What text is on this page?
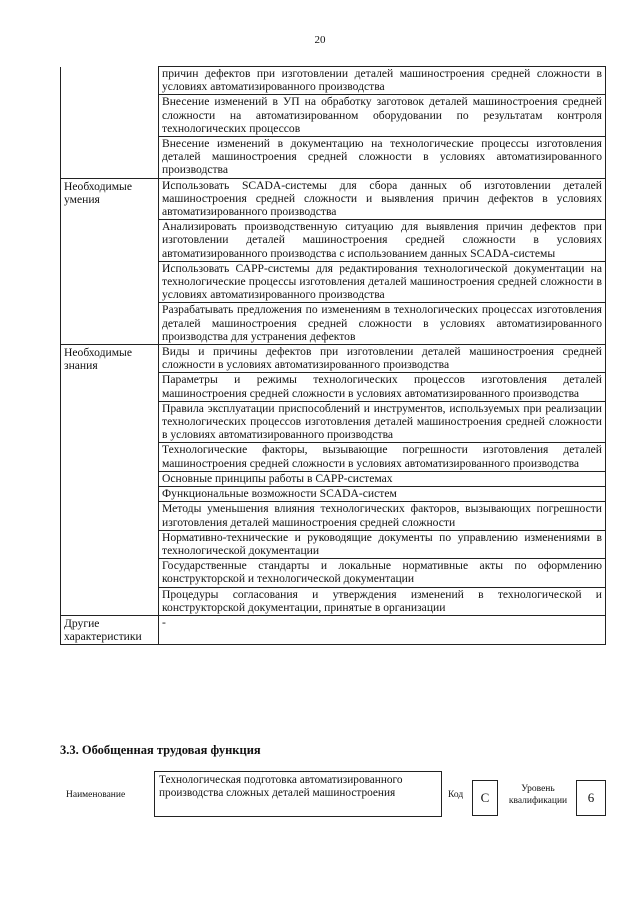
20
	причин дефектов при изготовлении деталей машиностроения средней сложности в условиях автоматизированного производства
	Внесение изменений в УП на обработку заготовок деталей машиностроения средней сложности на автоматизированном оборудовании по результатам контроля технологических процессов
	Внесение изменений в документацию на технологические процессы изготовления деталей машиностроения средней сложности в условиях автоматизированного производства
Необходимые умения	Использовать SCADA-системы для сбора данных об изготовлении деталей машиностроения средней сложности и выявления причин дефектов в условиях автоматизированного производства
	Анализировать производственную ситуацию для выявления причин дефектов при изготовлении деталей машиностроения средней сложности в условиях автоматизированного производства с использованием данных SCADA-системы
	Использовать САРР-системы для редактирования технологической документации на технологические процессы изготовления деталей машиностроения средней сложности в условиях автоматизированного производства
	Разрабатывать предложения по изменениям в технологических процессах изготовления деталей машиностроения средней сложности в условиях автоматизированного производства для устранения дефектов
Необходимые знания	Виды и причины дефектов при изготовлении деталей машиностроения средней сложности в условиях автоматизированного производства
	Параметры и режимы технологических процессов изготовления деталей машиностроения средней сложности в условиях автоматизированного производства
	Правила эксплуатации приспособлений и инструментов, используемых при реализации технологических процессов изготовления деталей машиностроения средней сложности в условиях автоматизированного производства
	Технологические факторы, вызывающие погрешности изготовления деталей машиностроения средней сложности в условиях автоматизированного производства
	Основные принципы работы в САРР-системах
	Функциональные возможности SCADA-систем
	Методы уменьшения влияния технологических факторов, вызывающих погрешности изготовления деталей машиностроения средней сложности
	Нормативно-технические и руководящие документы по управлению изменениями в технологической документации
	Государственные стандарты и локальные нормативные акты по оформлению конструкторской и технологической документации
	Процедуры согласования и утверждения изменений в технологической и конструкторской документации, принятые в организации
Другие характеристики	-
3.3. Обобщенная трудовая функция
Наименование
Технологическая подготовка автоматизированного производства сложных деталей машиностроения	Код	C
Уровень квалификации	6
